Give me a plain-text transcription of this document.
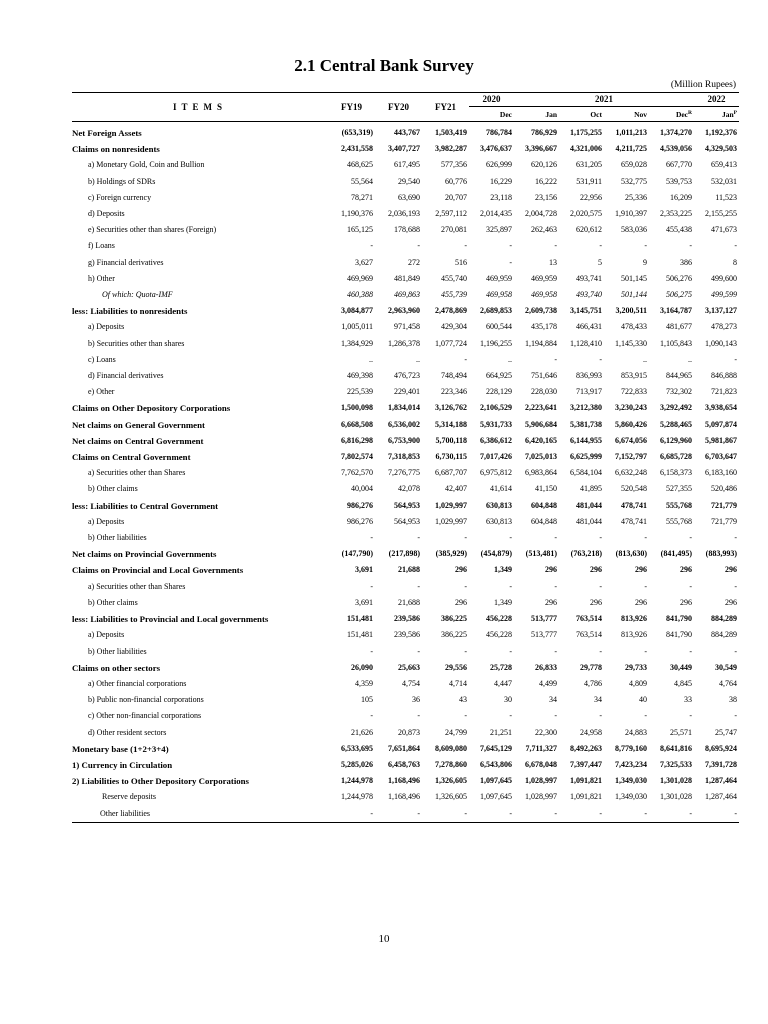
2.1 Central Bank Survey
(Million Rupees)
ITEMS	FY19	FY20	FY21	2020	2021				2022
				Dec	Jan	Oct	Nov	Dec$^R$	Jan$^P$
Net Foreign Assets	(653,319)	443,767	1,503,419	786,784	786,929	1,175,255	1,011,213	1,374,270	1,192,376
Claims on nonresidents	2,431,558	3,407,727	3,982,287	3,476,637	3,396,667	4,321,006	4,211,725	4,539,056	4,329,503
a) Monetary Gold, Coin and Bullion	468,625	617,495	577,356	626,999	620,126	631,205	659,028	667,770	659,413
b) Holdings of SDRs	55,564	29,540	60,776	16,229	16,222	531,911	532,775	539,753	532,031
c) Foreign currency	78,271	63,690	20,707	23,118	23,156	22,956	25,336	16,209	11,523
d) Deposits	1,190,376	2,036,193	2,597,112	2,014,435	2,004,728	2,020,575	1,910,397	2,353,225	2,155,255
e) Securities other than shares (Foreign)	165,125	178,688	270,081	325,897	262,463	620,612	583,036	455,438	471,673
f) Loans	-	-	-	-	-	-	-	-	-
g) Financial derivatives	3,627	272	516	-	13	5	9	386	8
h) Other	469,969	481,849	455,740	469,959	469,959	493,741	501,145	506,276	499,600
Of which: Quota-IMF	460,388	469,863	455,739	469,958	469,958	493,740	501,144	506,275	499,599
less: Liabilities to nonresidents	3,084,877	2,963,960	2,478,869	2,689,853	2,609,738	3,145,751	3,200,511	3,164,787	3,137,127
a) Deposits	1,005,011	971,458	429,304	600,544	435,178	466,431	478,433	481,677	478,273
b) Securities other than shares	1,384,929	1,286,378	1,077,724	1,196,255	1,194,884	1,128,410	1,145,330	1,105,843	1,090,143
c) Loans	..	..	-	..	-	-	..	..	-
d) Financial derivatives	469,398	476,723	748,494	664,925	751,646	836,993	853,915	844,965	846,888
e) Other	225,539	229,401	223,346	228,129	228,030	713,917	722,833	732,302	721,823
Claims on Other Depository Corporations	1,500,098	1,834,014	3,126,762	2,106,529	2,223,641	3,212,380	3,230,243	3,292,492	3,938,654
Net claims on General Government	6,668,508	6,536,002	5,314,188	5,931,733	5,906,684	5,381,738	5,860,426	5,288,465	5,097,874
Net claims on Central Government	6,816,298	6,753,900	5,700,118	6,386,612	6,420,165	6,144,955	6,674,056	6,129,960	5,981,867
Claims on Central Government	7,802,574	7,318,853	6,730,115	7,017,426	7,025,013	6,625,999	7,152,797	6,685,728	6,703,647
a) Securities other than Shares	7,762,570	7,276,775	6,687,707	6,975,812	6,983,864	6,584,104	6,632,248	6,158,373	6,183,160
b) Other claims	40,004	42,078	42,407	41,614	41,150	41,895	520,548	527,355	520,486
less: Liabilities to Central Government	986,276	564,953	1,029,997	630,813	604,848	481,044	478,741	555,768	721,779
a) Deposits	986,276	564,953	1,029,997	630,813	604,848	481,044	478,741	555,768	721,779
b) Other liabilities	-	-	-	-	-	-	-	-	-
Net claims on Provincial Governments	(147,790)	(217,898)	(385,929)	(454,879)	(513,481)	(763,218)	(813,630)	(841,495)	(883,993)
Claims on Provincial and Local Governments	3,691	21,688	296	1,349	296	296	296	296	296
a) Securities other than Shares	-	-	-	-	-	-	-	-	-
b) Other claims	3,691	21,688	296	1,349	296	296	296	296	296
less: Liabilities to Provincial and Local governments	151,481	239,586	386,225	456,228	513,777	763,514	813,926	841,790	884,289
a) Deposits	151,481	239,586	386,225	456,228	513,777	763,514	813,926	841,790	884,289
b) Other liabilities	-	-	-	-	-	-	-	-	-
Claims on other sectors	26,090	25,663	29,556	25,728	26,833	29,778	29,733	30,449	30,549
a) Other financial corporations	4,359	4,754	4,714	4,447	4,499	4,786	4,809	4,845	4,764
b) Public non-financial corporations	105	36	43	30	34	34	40	33	38
c) Other non-financial corporations	-	-	-	-	-	-	-	-	-
d) Other resident sectors	21,626	20,873	24,799	21,251	22,300	24,958	24,883	25,571	25,747
Monetary base (1+2+3+4)	6,533,695	7,651,864	8,609,080	7,645,129	7,711,327	8,492,263	8,779,160	8,641,816	8,695,924
1) Currency in Circulation	5,285,026	6,458,763	7,278,860	6,543,806	6,678,048	7,397,447	7,423,234	7,325,533	7,391,728
2) Liabilities to Other Depository Corporations	1,244,978	1,168,496	1,326,605	1,097,645	1,028,997	1,091,821	1,349,030	1,301,028	1,287,464
Reserve deposits	1,244,978	1,168,496	1,326,605	1,097,645	1,028,997	1,091,821	1,349,030	1,301,028	1,287,464
Other liabilities	-	-	-	-	-	-	-	-	-
10
